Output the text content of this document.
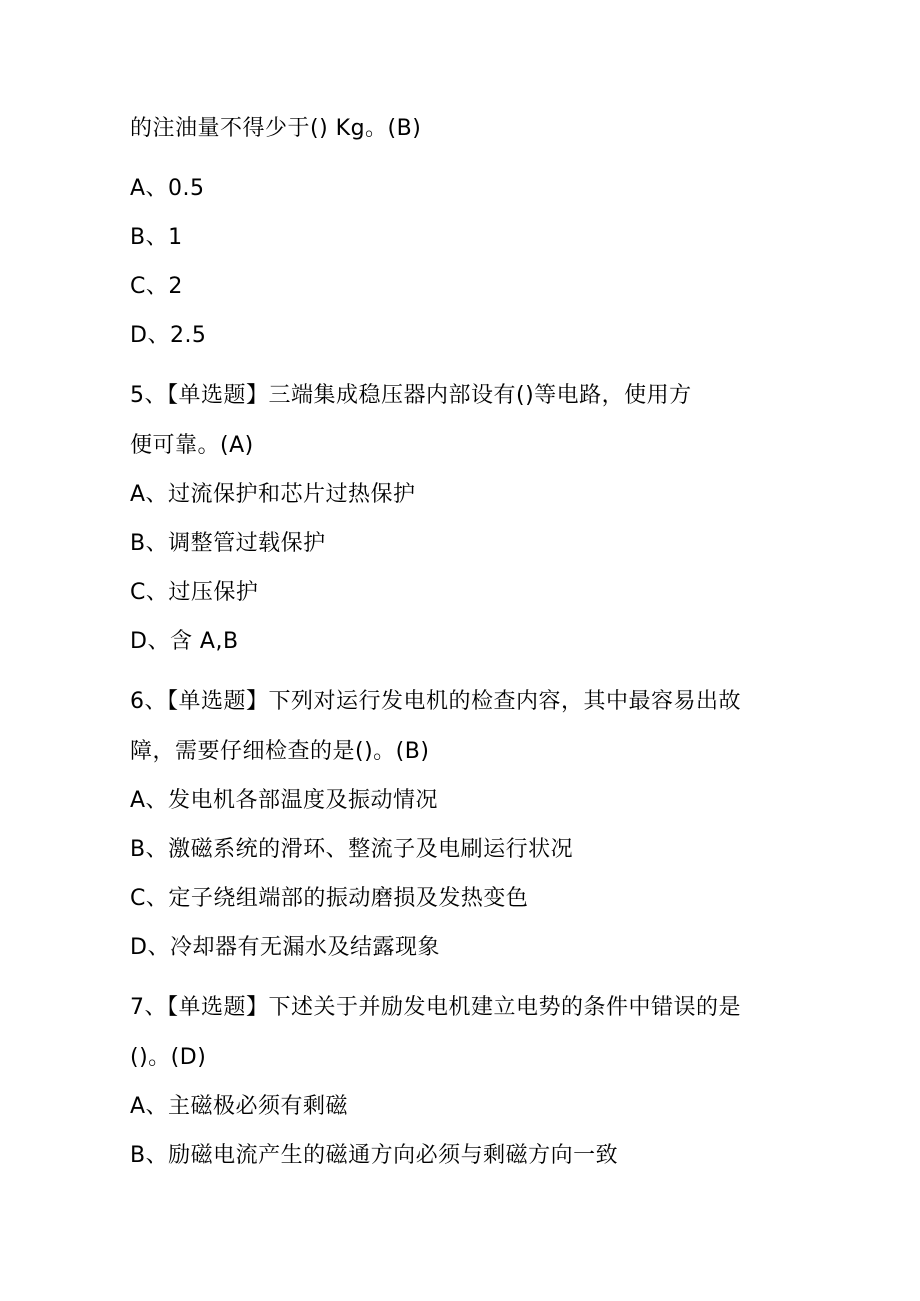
的注油量不得少于() Kg。(B)
A、0.5
B、1
C、2
D、2.5
5、【单选题】三端集成稳压器内部设有()等电路，使用方
便可靠。(A)
A、过流保护和芯片过热保护
B、调整管过载保护
C、过压保护
D、含 A,B
6、【单选题】下列对运行发电机的检查内容，其中最容易出故
障，需要仔细检查的是()。(B)
A、发电机各部温度及振动情况
B、激磁系统的滑环、整流子及电刷运行状况
C、定子绕组端部的振动磨损及发热变色
D、冷却器有无漏水及结露现象
7、【单选题】下述关于并励发电机建立电势的条件中错误的是
()。(D)
A、主磁极必须有剩磁
B、励磁电流产生的磁通方向必须与剩磁方向一致
